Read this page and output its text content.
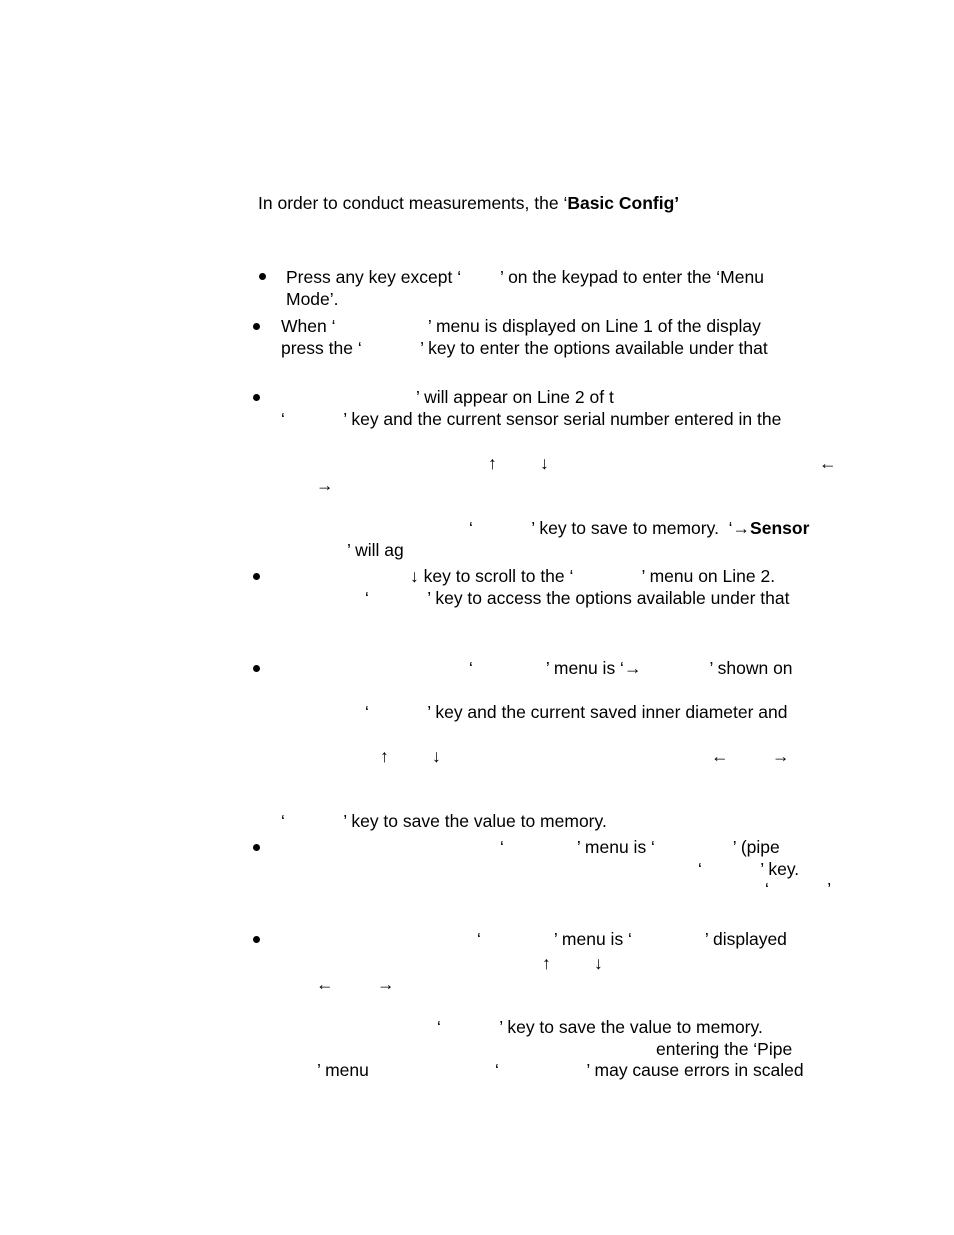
In order to conduct measurements, the ‘Basic Config’
Press any key except ‘        ’ on the keypad to enter the ‘Menu
Mode’.
When ‘                   ’ menu is displayed on Line 1 of the display
press the ‘            ’ key to enter the options available under that
’ will appear on Line 2 of t
‘            ’ key and the current sensor serial number entered in the
↑ ↓	←
→
‘            ’ key to save to memory.  ‘→Sensor
’ will ag
↓ key to scroll to the ‘              ’ menu on Line 2.
‘            ’ key to access the options available under that
‘               ’ menu is ‘→              ’ shown on
‘            ’ key and the current saved inner diameter and
↑ ↓	← →
‘            ’ key to save the value to memory.
‘               ’ menu is ‘                ’ (pipe
‘            ’ key.
‘            ’
‘               ’ menu is ‘               ’ displayed
↑ ↓
← →
‘            ’ key to save the value to memory.
entering the ‘Pipe
’ menu	‘                  ’ may cause errors in scaled
